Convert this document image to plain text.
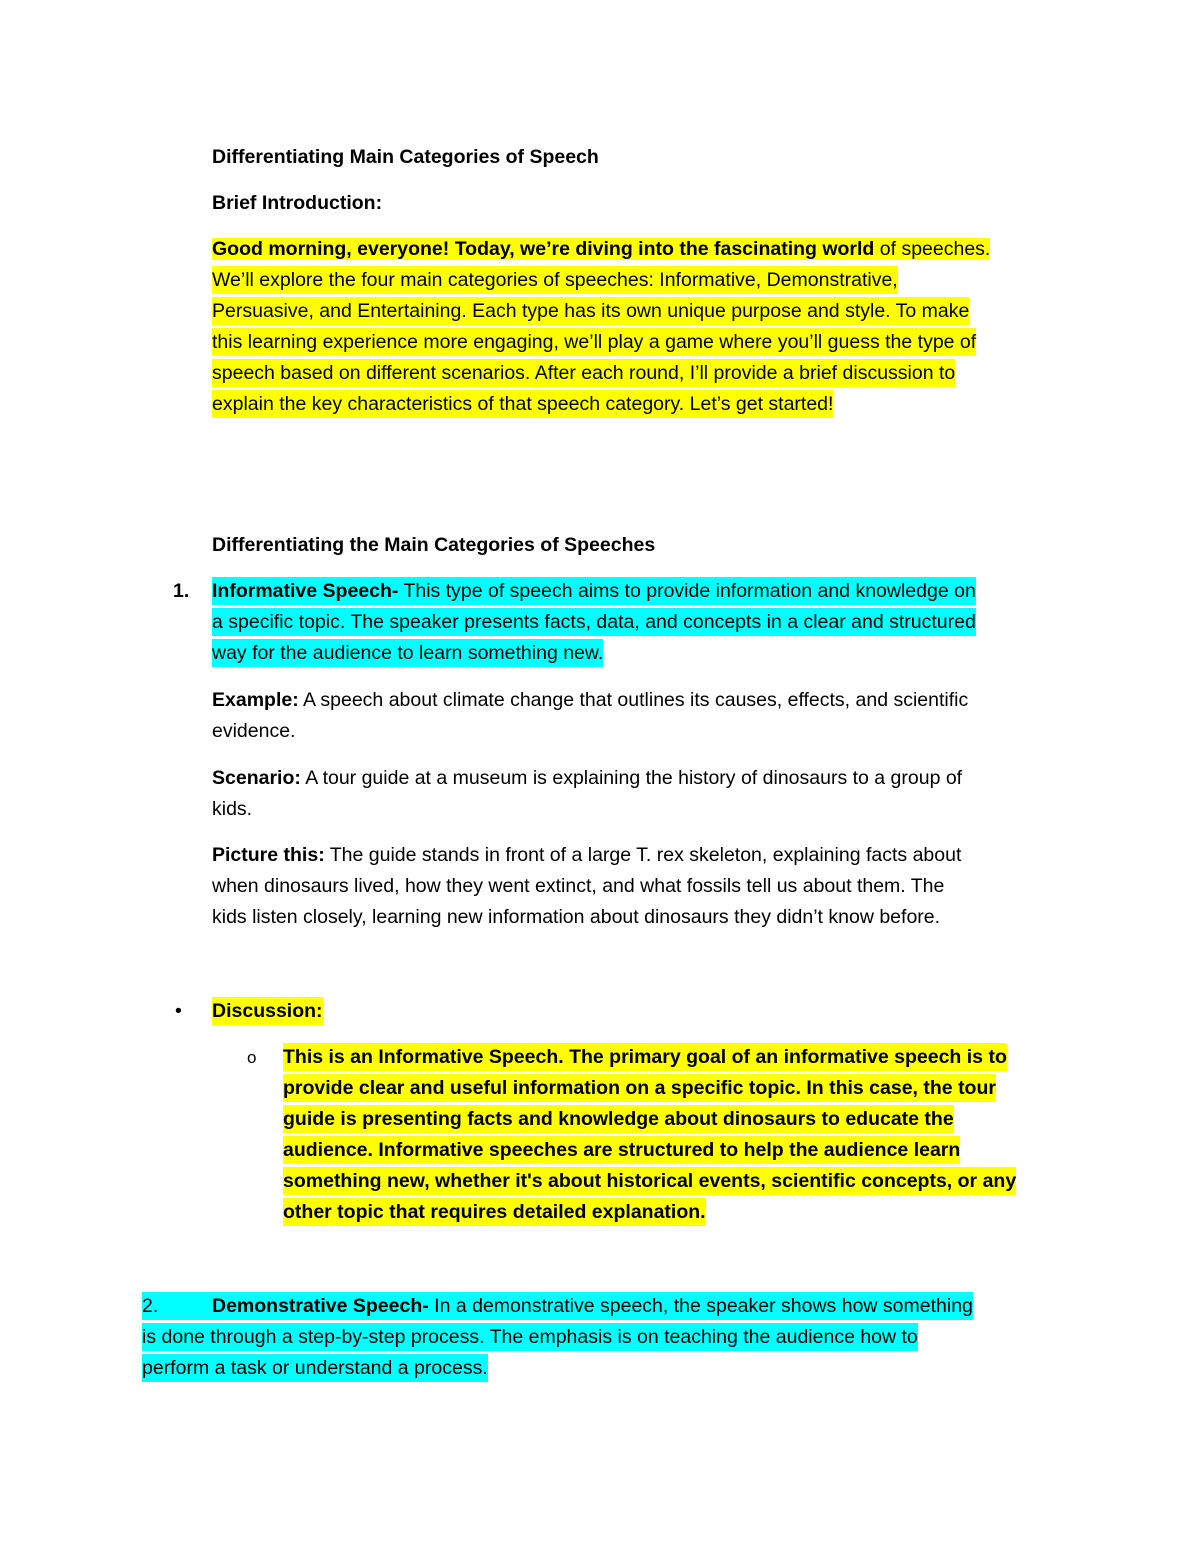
Differentiating Main Categories of Speech
Brief Introduction:
Good morning, everyone! Today, we’re diving into the fascinating world of speeches.
We’ll explore the four main categories of speeches: Informative, Demonstrative,
Persuasive, and Entertaining. Each type has its own unique purpose and style. To make
this learning experience more engaging, we’ll play a game where you’ll guess the type of
speech based on different scenarios. After each round, I’ll provide a brief discussion to
explain the key characteristics of that speech category. Let’s get started!
Differentiating the Main Categories of Speeches
1. Informative Speech- This type of speech aims to provide information and knowledge on
a specific topic. The speaker presents facts, data, and concepts in a clear and structured
way for the audience to learn something new.
Example: A speech about climate change that outlines its causes, effects, and scientific
evidence.
Scenario: A tour guide at a museum is explaining the history of dinosaurs to a group of
kids.
Picture this: The guide stands in front of a large T. rex skeleton, explaining facts about
when dinosaurs lived, how they went extinct, and what fossils tell us about them. The
kids listen closely, learning new information about dinosaurs they didn’t know before.
• Discussion:
o This is an Informative Speech. The primary goal of an informative speech is to
provide clear and useful information on a specific topic. In this case, the tour
guide is presenting facts and knowledge about dinosaurs to educate the
audience. Informative speeches are structured to help the audience learn
something new, whether it's about historical events, scientific concepts, or any
other topic that requires detailed explanation.
2.	Demonstrative Speech- In a demonstrative speech, the speaker shows how something
is done through a step-by-step process. The emphasis is on teaching the audience how to
perform a task or understand a process.
